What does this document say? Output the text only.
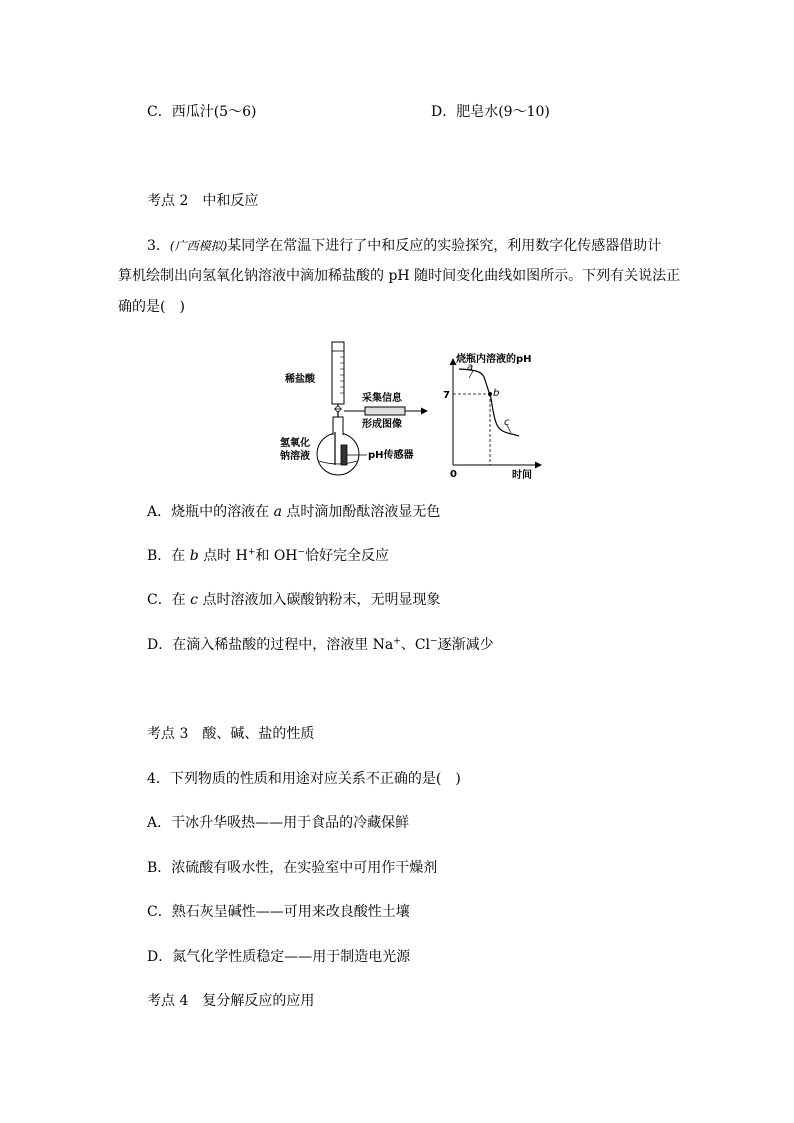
C．西瓜汁(5～6)	D．肥皂水(9～10)
考点 2　中和反应
3．(广西模拟)某同学在常温下进行了中和反应的实验探究，利用数字化传感器借助计
算机绘制出向氢氧化钠溶液中滴加稀盐酸的 pH 随时间变化曲线如图所示。下列有关说法正
确的是(　)
稀盐酸
采集信息
形成图像
氢氧化
钠溶液	pH传感器
烧瓶内溶液的pH
7
0	时间
a
b
c
A．烧瓶中的溶液在 a 点时滴加酚酞溶液显无色
B．在 b 点时 H+和 OH−恰好完全反应
C．在 c 点时溶液加入碳酸钠粉末，无明显现象
D．在滴入稀盐酸的过程中，溶液里 Na+、Cl−逐渐减少
考点 3　酸、碱、盐的性质
4．下列物质的性质和用途对应关系不正确的是(　)
A．干冰升华吸热——用于食品的冷藏保鲜
B．浓硫酸有吸水性，在实验室中可用作干燥剂
C．熟石灰呈碱性——可用来改良酸性土壤
D．氮气化学性质稳定——用于制造电光源
考点 4　复分解反应的应用
